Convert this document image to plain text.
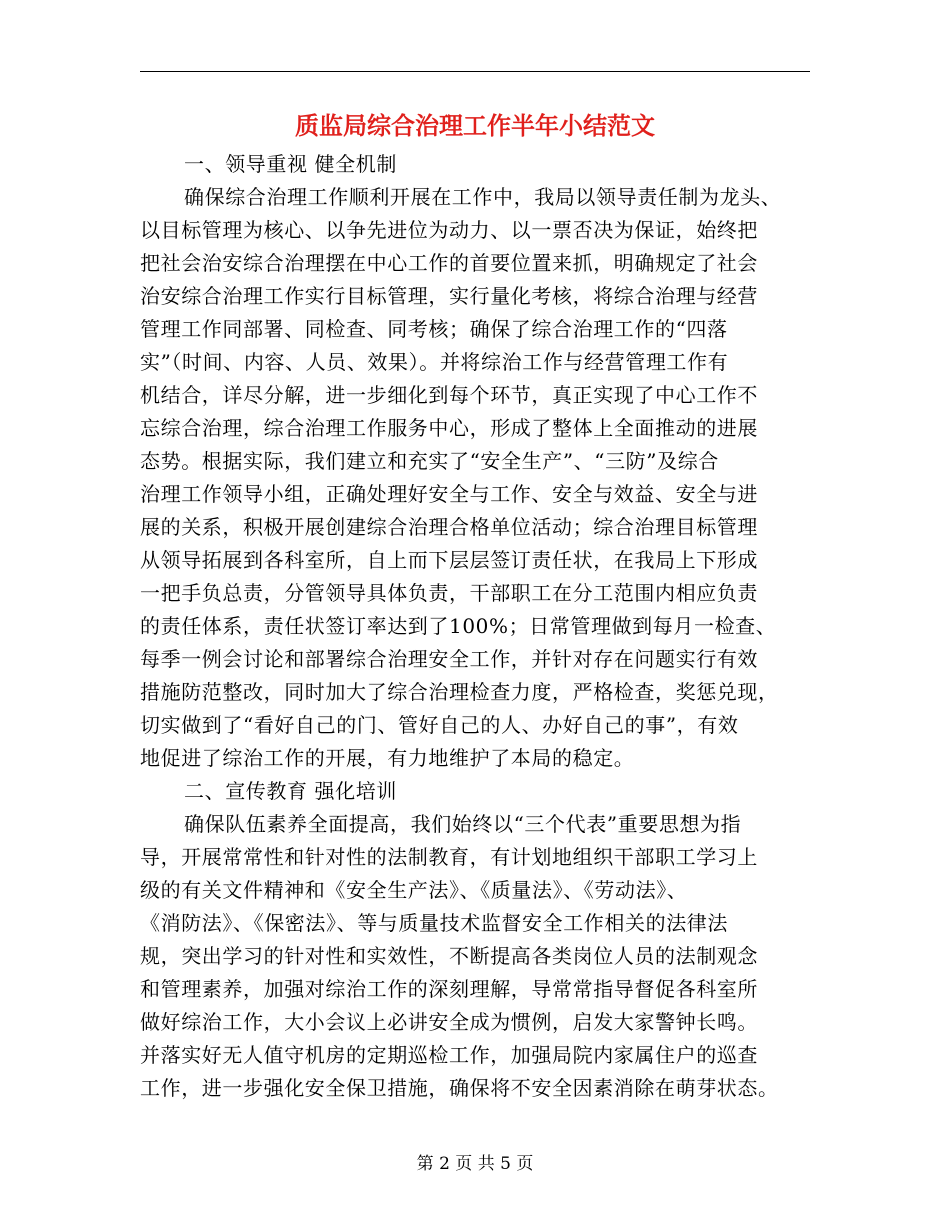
质监局综合治理工作半年小结范文
一、领导重视 健全机制
确保综合治理工作顺利开展在工作中，我局以领导责任制为龙头、
以目标管理为核心、以争先进位为动力、以一票否决为保证，始终把
把社会治安综合治理摆在中心工作的首要位置来抓，明确规定了社会
治安综合治理工作实行目标管理，实行量化考核，将综合治理与经营
管理工作同部署、同检查、同考核；确保了综合治理工作的“四落
实”（时间、内容、人员、效果）。并将综治工作与经营管理工作有
机结合，详尽分解，进一步细化到每个环节，真正实现了中心工作不
忘综合治理，综合治理工作服务中心，形成了整体上全面推动的进展
态势。根据实际，我们建立和充实了“安全生产”、“三防”及综合
治理工作领导小组，正确处理好安全与工作、安全与效益、安全与进
展的关系，积极开展创建综合治理合格单位活动；综合治理目标管理
从领导拓展到各科室所，自上而下层层签订责任状，在我局上下形成
一把手负总责，分管领导具体负责，干部职工在分工范围内相应负责
的责任体系，责任状签订率达到了100%；日常管理做到每月一检查、
每季一例会讨论和部署综合治理安全工作，并针对存在问题实行有效
措施防范整改，同时加大了综合治理检查力度，严格检查，奖惩兑现，
切实做到了“看好自己的门、管好自己的人、办好自己的事”，有效
地促进了综治工作的开展，有力地维护了本局的稳定。
二、宣传教育 强化培训
确保队伍素养全面提高，我们始终以“三个代表”重要思想为指
导，开展常常性和针对性的法制教育，有计划地组织干部职工学习上
级的有关文件精神和《安全生产法》、《质量法》、《劳动法》、
《消防法》、《保密法》、等与质量技术监督安全工作相关的法律法
规，突出学习的针对性和实效性，不断提高各类岗位人员的法制观念
和管理素养，加强对综治工作的深刻理解，导常常指导督促各科室所
做好综治工作，大小会议上必讲安全成为惯例，启发大家警钟长鸣。
并落实好无人值守机房的定期巡检工作，加强局院内家属住户的巡查
工作，进一步强化安全保卫措施，确保将不安全因素消除在萌芽状态。
第 2 页 共 5 页
